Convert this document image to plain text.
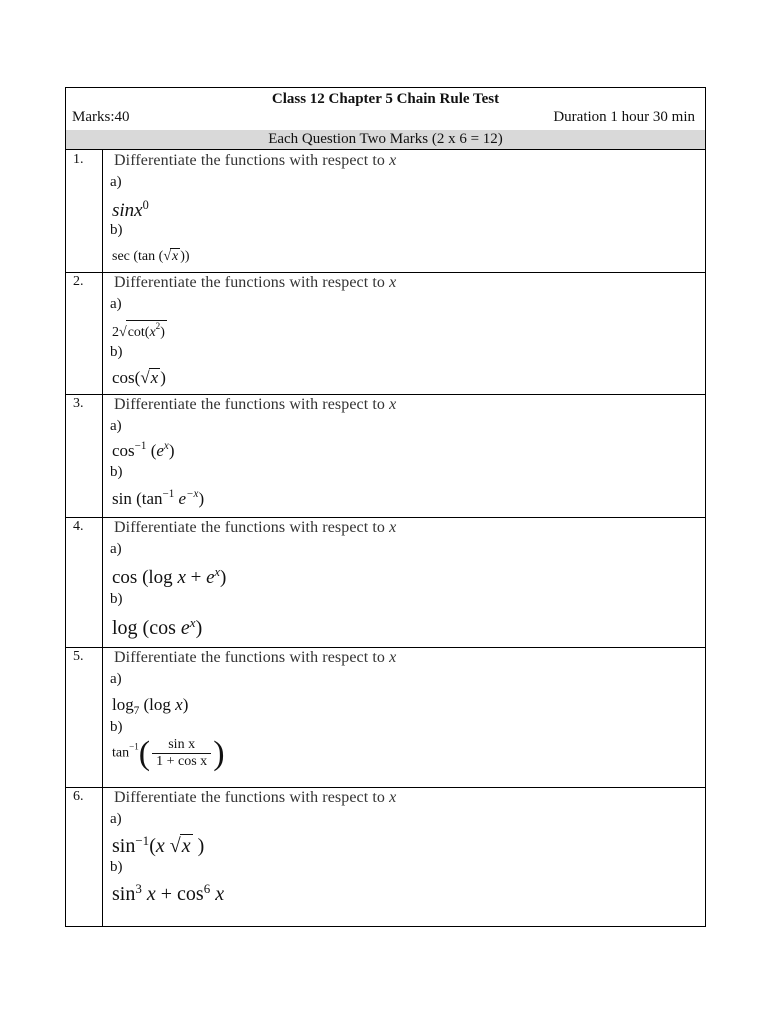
Class 12 Chapter 5 Chain Rule Test
Marks:40	Duration 1 hour 30 min
Each Question Two Marks (2 x 6 = 12)
1. Differentiate the functions with respect to x
a)
sinx$^0$
b)
sec (tan (√x ))
2. Differentiate the functions with respect to x
a)
$2√\cot(x^2)$
b)
cos(√x )
3. Differentiate the functions with respect to x
a)
$\cos^{-1} (e^x)$
b)
$\sin (\tan^{-1}$ $e^{-x}$)
4. Differentiate the functions with respect to x
a)
cos (log $x + e^x$)
b)
log (cos $e^x$)
5. Differentiate the functions with respect to x
a)
$\log_7 (\log$ x)
b)
$\tan^{-1}( \frac{\text{sin x}}{\text{1 + cos x}}$ )
6. Differentiate the functions with respect to x
a)
$\sin^{-1}(x$ √x )
b)
$\sin^3 x + \cos^6 x$
